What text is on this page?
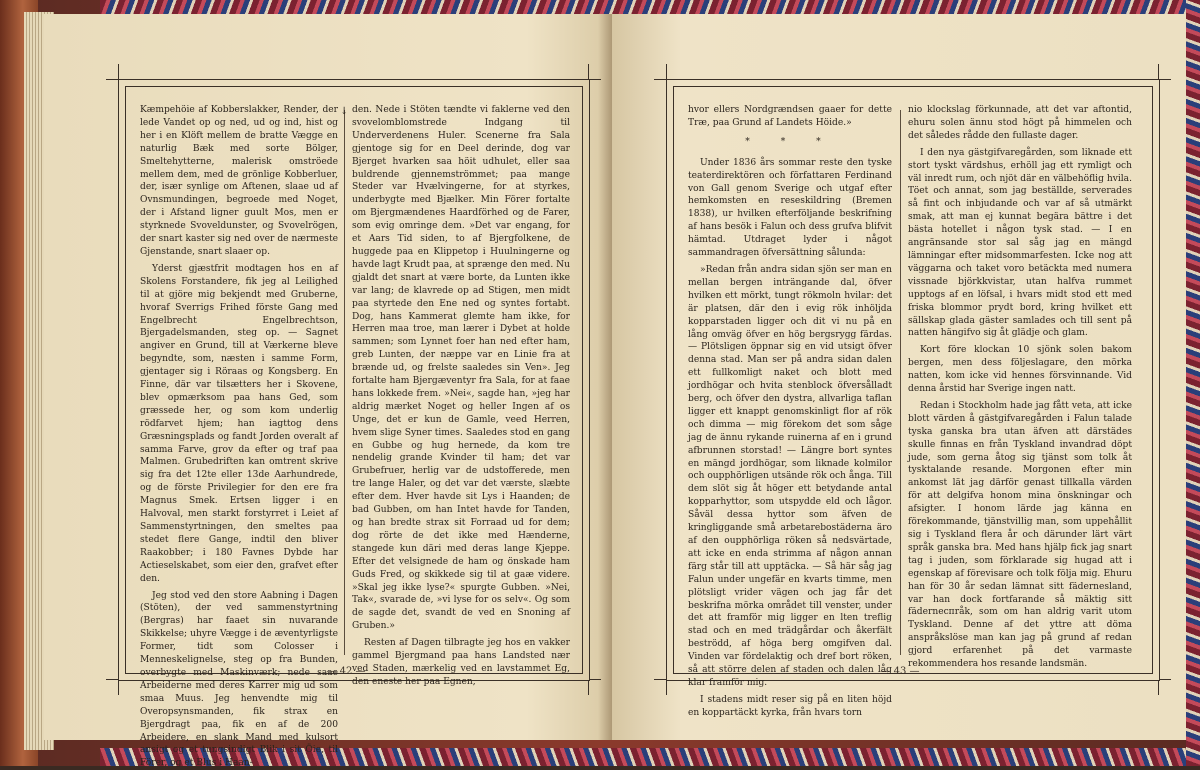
↓

Kæmpehöie af Kobberslakker, Render, der lede Vandet op og ned, ud og ind, hist og her i en Klöft mellem de bratte Vægge en naturlig Bæk med sorte Bölger, Smeltehytterne, malerisk omströede mellem dem, med de grönlige Kobberluer, der, især synlige om Aftenen, slaae ud af Ovnsmundingen, begroede med Noget, der i Afstand ligner guult Mos, men er styrknede Svoveldunster, og Svovelrögen, der snart kaster sig ned over de nærmeste Gjenstande, snart slaaer op.

Yderst gjæstfrit modtagen hos en af Skolens Forstandere, fik jeg al Leilighed til at gjöre mig bekjendt med Gruberne, hvoraf Sverrigs Frihed förste Gang med Engelbrecht Engelbrechtson, Bjergadelsmanden, steg op. — Sagnet angiver en Grund, till at Værkerne bleve begyndte, som, næsten i samme Form, gjentager sig i Röraas og Kongsberg. En Finne, där var tilsætters her i Skovene, blev opmærksom paa hans Ged, som græssede her, og som kom underlig rödfarvet hjem; han iagttog dens Græsningsplads og fandt Jorden overalt af samma Farve, grov da efter og traf paa Malmen. Grubedriften kan omtrent skrive sig fra det 12te eller 13de Aarhundrede, og de förste Privilegier for den ere fra Magnus Smek. Ertsen ligger i en Halvoval, men starkt forstyrret i Leiet af Sammenstyrtningen, den smeltes paa stedet flere Gange, indtil den bliver Raakobber; i 180 Favnes Dybde har Actieselskabet, som eier den, grafvet efter den.

Jeg stod ved den store Aabning i Dagen (Stöten), der ved sammenstyrtning (Bergras) har faaet sin nuvarande Skikkelse; uhyre Vægge i de æventyrligste Former, tidt som Colosser i Menneskelignelse, steg op fra Bunden, overbygte med Maskinværk; nede saae Arbeiderne med deres Karrer mig ud som smaa Muus. Jeg henvendte mig til Overopsynsmanden, fik strax en Bjergdragt paa, fik en af de 200 Arbeidere, en slank Mand med kulsort ansigt og et tungsindigt Blik i sit Öie, til Förer, og et Blus i Haan-

den. Nede i Stöten tændte vi faklerne ved den svovelomblomstrede Indgang til Underverdenens Huler. Scenerne fra Sala gjentoge sig for en Deel derinde, dog var Bjerget hvarken saa höit udhulet, eller saa buldrende gjennemströmmet; paa mange Steder var Hvælvingerne, for at styrkes, underbygte med Bjælker. Min Förer fortalte om Bjergmændenes Haardförhed og de Farer, som evig omringe dem. »Det var engang, for et Aars Tid siden, to af Bjergfolkene, de huggede paa en Klippetop i Huulningerne og havde lagt Krudt paa, at sprænge den med. Nu gjaldt det snart at være borte, da Lunten ikke var lang; de klavrede op ad Stigen, men midt paa styrtede den Ene ned og syntes fortabt. Dog, hans Kammerat glemte ham ikke, for Herren maa troe, man lærer i Dybet at holde sammen; som Lynnet foer han ned efter ham, greb Lunten, der næppe var en Linie fra at brænde ud, og frelste saaledes sin Ven». Jeg fortalte ham Bjergæventyr fra Sala, for at faae hans lokkede frem. »Nei«, sagde han, »jeg har aldrig mærket Noget og heller Ingen af os Unge, det er kun de Gamle, veed Herren, hvem slige Syner times. Saaledes stod en gang en Gubbe og hug hernede, da kom tre nendelig grande Kvinder til ham; det var Grubefruer, herlig var de udstofferede, men tre lange Haler, og det var det værste, slæbte efter dem. Hver havde sit Lys i Haanden; de bad Gubben, om han Intet havde for Tanden, og han bredte strax sit Forraad ud for dem; dog rörte de det ikke med Hænderne, stangede kun däri med deras lange Kjeppe. Efter det velsignede de ham og önskade ham Guds Fred, og skikkede sig til at gaæ videre. »Skal jeg ikke lyse?« spurgte Gubben. »Nei, Tak«, svarade de, »vi lyse for os selv«. Og som de sagde det, svandt de ved en Snoning af Gruben.»

Resten af Dagen tilbragte jeg hos en vakker gammel Bjergmand paa hans Landsted nær ved Staden, mærkelig ved en lavstammet Eg, den eneste her paa Egnen,

— 42 —

hvor ellers Nordgrændsen gaaer for dette Træ, paa Grund af Landets Höide.»

* * *

Under 1836 års sommar reste den tyske teaterdirektören och författaren Ferdinand von Gall genom Sverige och utgaf efter hemkomsten en reseskildring (Bremen 1838), ur hvilken efterföljande beskrifning af hans besök i Falun och dess grufva blifvit hämtad. Utdraget lyder i något sammandragen öfversättning sålunda:

»Redan från andra sidan sjön ser man en mellan bergen inträngande dal, öfver hvilken ett mörkt, tungt rökmoln hvilar: det är platsen, där den i evig rök inhöljda kopparstaden ligger och dit vi nu på en lång omväg öfver en hög bergsrygg färdas. — Plötsligen öppnar sig en vid utsigt öfver denna stad. Man ser på andra sidan dalen ett fullkomligt naket och blott med jordhögar och hvita stenblock öfversålladt berg, och öfver den dystra, allvarliga taflan ligger ett knappt genomskinligt flor af rök och dimma — mig förekom det som såge jag de ännu rykande ruinerna af en i grund afbrunnen storstad! — Längre bort syntes en mängd jordhögar, som liknade kolmilor och oupphörligen utsände rök och ånga. Till dem slöt sig åt höger ett betydande antal kopparhyttor, som utspydde eld och lågor. Såväl dessa hyttor som äfven de kringliggande små arbetarebostäderna äro af den oupphörliga röken så nedsvärtade, att icke en enda strimma af någon annan färg står till att upptäcka. — Så här såg jag Falun under ungefär en kvarts timme, men plötsligt vrider vägen och jag får det beskrifna mörka området till venster, under det att framför mig ligger en lten treflig stad och en med trädgårdar och åkerfält beströdd, af höga berg omgifven dal. Vinden var fördelaktig och dref bort röken, så att större delen af staden och dalen låg klar framför mig.

I stadens midt reser sig på en liten höjd en koppartäckt kyrka, från hvars torn

nio klockslag förkunnade, att det var aftontid, ehuru solen ännu stod högt på himmelen och det således rådde den fullaste dager.

I den nya gästgifvaregården, som liknade ett stort tyskt värdshus, erhöll jag ett rymligt och väl inredt rum, och njöt där en välbehöflig hvila. Töet och annat, som jag beställde, serverades så fint och inbjudande och var af så utmärkt smak, att man ej kunnat begära bättre i det bästa hotellet i någon tysk stad. — I en angränsande stor sal såg jag en mängd lämningar efter midsommarfesten. Icke nog att väggarna och taket voro betäckta med numera vissnade björkkvistar, utan halfva rummet upptogs af en löfsal, i hvars midt stod ett med friska blommor prydt bord, kring hvilket ett sällskap glada gäster samlades och till sent på natten hängifvo sig åt glädje och glam.

Kort före klockan 10 sjönk solen bakom bergen, men dess följeslagare, den mörka natten, kom icke vid hennes försvinnande. Vid denna årstid har Sverige ingen natt.

Redan i Stockholm hade jag fått veta, att icke blott värden å gästgifvaregården i Falun talade tyska ganska bra utan äfven att därstädes skulle finnas en från Tyskland invandrad döpt jude, som gerna åtog sig tjänst som tolk åt tysktalande resande. Morgonen efter min ankomst lät jag därför genast tillkalla värden för att delgifva honom mina önskningar och afsigter. I honom lärde jag känna en förekommande, tjänstvillig man, som uppehållit sig i Tyskland flera år och därunder lärt värt språk ganska bra. Med hans hjälp fick jag snart tag i juden, som förklarade sig hugad att i egenskap af förevisare och tolk följa mig. Ehuru han för 30 år sedan lämnat sitt fädernesland, var han dock fortfarande så mäktig sitt fäderneспråk, som om han aldrig varit utom Tyskland. Denne af det yttre att döma anspråkslöse man kan jag på grund af redan gjord erfarenhet på det varmaste rekommendera hos resande landsmän.

— 43 —
